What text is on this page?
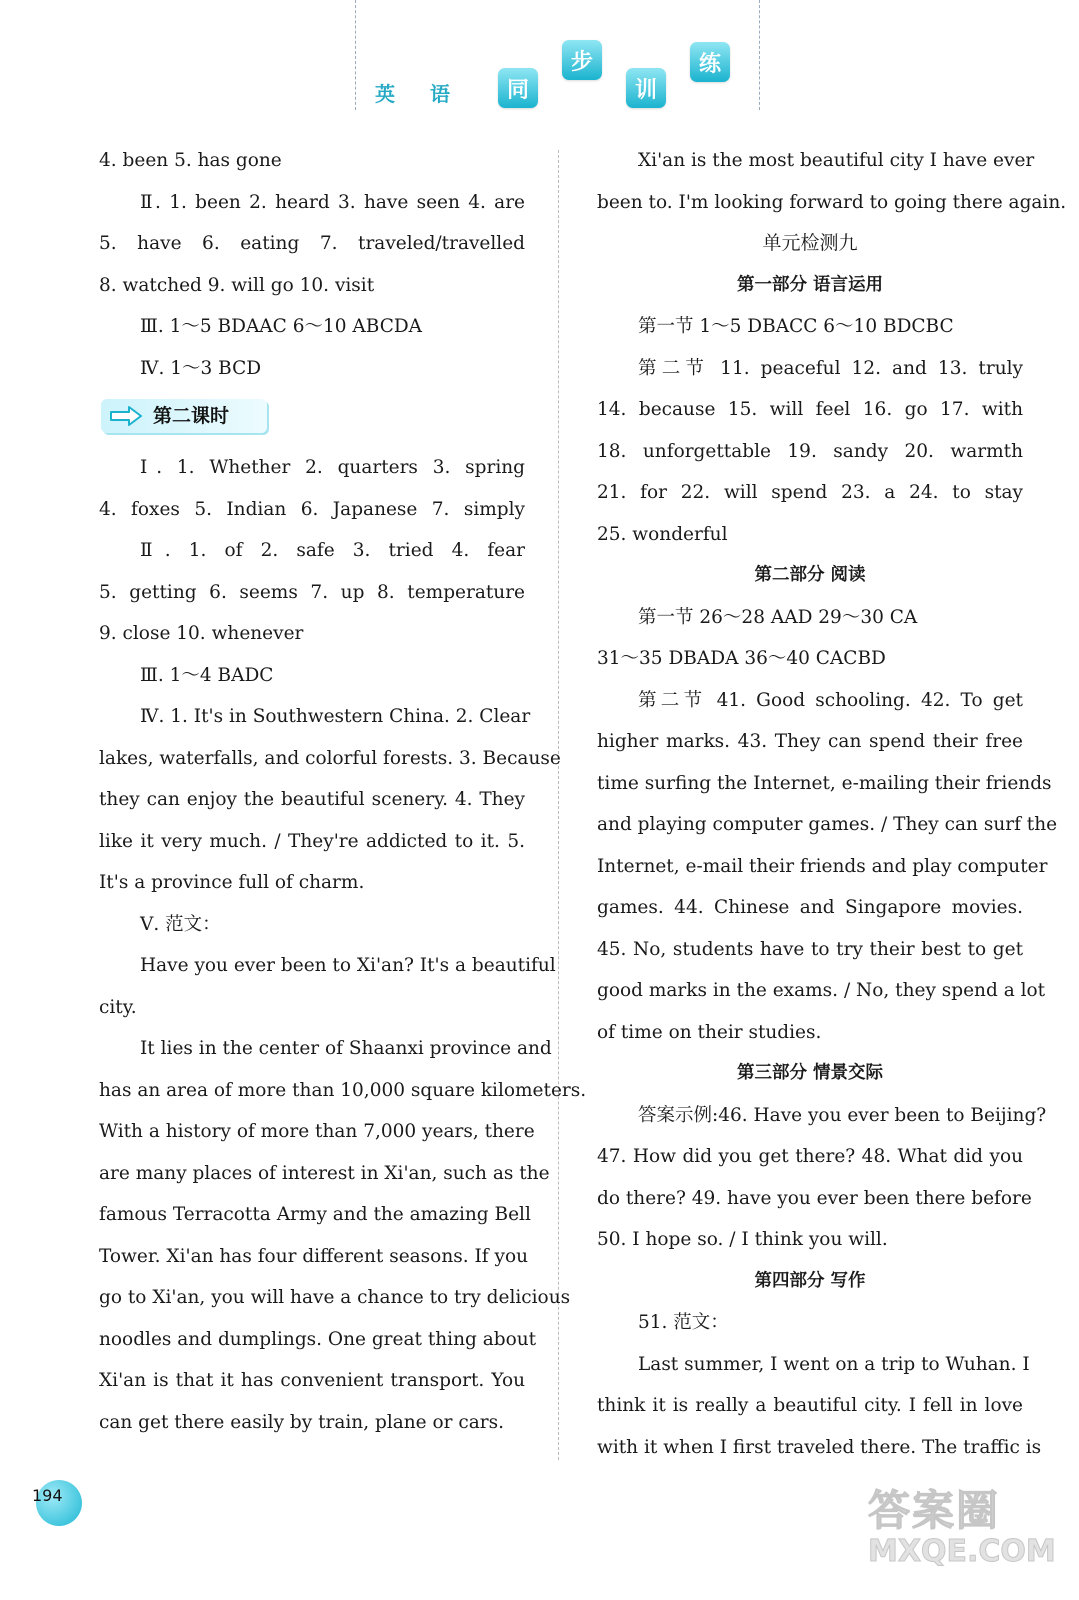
英 语	同
步
训
练

4. been 5. has gone

Ⅱ. 1. been 2. heard 3. have seen 4. are

5. have 6. eating 7. traveled/travelled

8. watched 9. will go 10. visit

Ⅲ. 1～5 BDAAC 6～10 ABCDA

Ⅳ. 1～3 BCD

第二课时

Ⅰ. 1. Whether 2. quarters 3. spring

4. foxes 5. Indian 6. Japanese 7. simply

Ⅱ. 1. of 2. safe 3. tried 4. fear

5. getting 6. seems 7. up 8. temperature

9. close 10. whenever

Ⅲ. 1～4 BADC

Ⅳ. 1. It's in Southwestern China. 2. Clear

lakes, waterfalls, and colorful forests. 3. Because

they can enjoy the beautiful scenery. 4. They

like it very much. / They're addicted to it. 5.

It's a province full of charm.

Ⅴ. 范文：

Have you ever been to Xi'an? It's a beautiful

city.

It lies in the center of Shaanxi province and

has an area of more than 10,000 square kilometers.

With a history of more than 7,000 years, there

are many places of interest in Xi'an, such as the

famous Terracotta Army and the amazing Bell

Tower. Xi'an has four different seasons. If you

go to Xi'an, you will have a chance to try delicious

noodles and dumplings. One great thing about

Xi'an is that it has convenient transport. You

can get there easily by train, plane or cars.

Xi'an is the most beautiful city I have ever

been to. I'm looking forward to going there again.

单元检测九

第一部分 语言运用

第一节 1～5 DBACC 6～10 BDCBC

第二节 11. peaceful 12. and 13. truly

14. because 15. will feel 16. go 17. with

18. unforgettable 19. sandy 20. warmth

21. for 22. will spend 23. a 24. to stay

25. wonderful

第二部分 阅读

第一节 26～28 AAD 29～30 CA

31～35 DBADA 36～40 CACBD

第二节 41. Good schooling. 42. To get

higher marks. 43. They can spend their free

time surfing the Internet, e-mailing their friends

and playing computer games. / They can surf the

Internet, e-mail their friends and play computer

games. 44. Chinese and Singapore movies.

45. No, students have to try their best to get

good marks in the exams. / No, they spend a lot

of time on their studies.

第三部分 情景交际

答案示例:46. Have you ever been to Beijing?

47. How did you get there? 48. What did you

do there? 49. have you ever been there before

50. I hope so. / I think you will.

第四部分 写作

51. 范文：

Last summer, I went on a trip to Wuhan. I

think it is really a beautiful city. I fell in love

with it when I first traveled there. The traffic is

194	答案圈
MXQE.COM
